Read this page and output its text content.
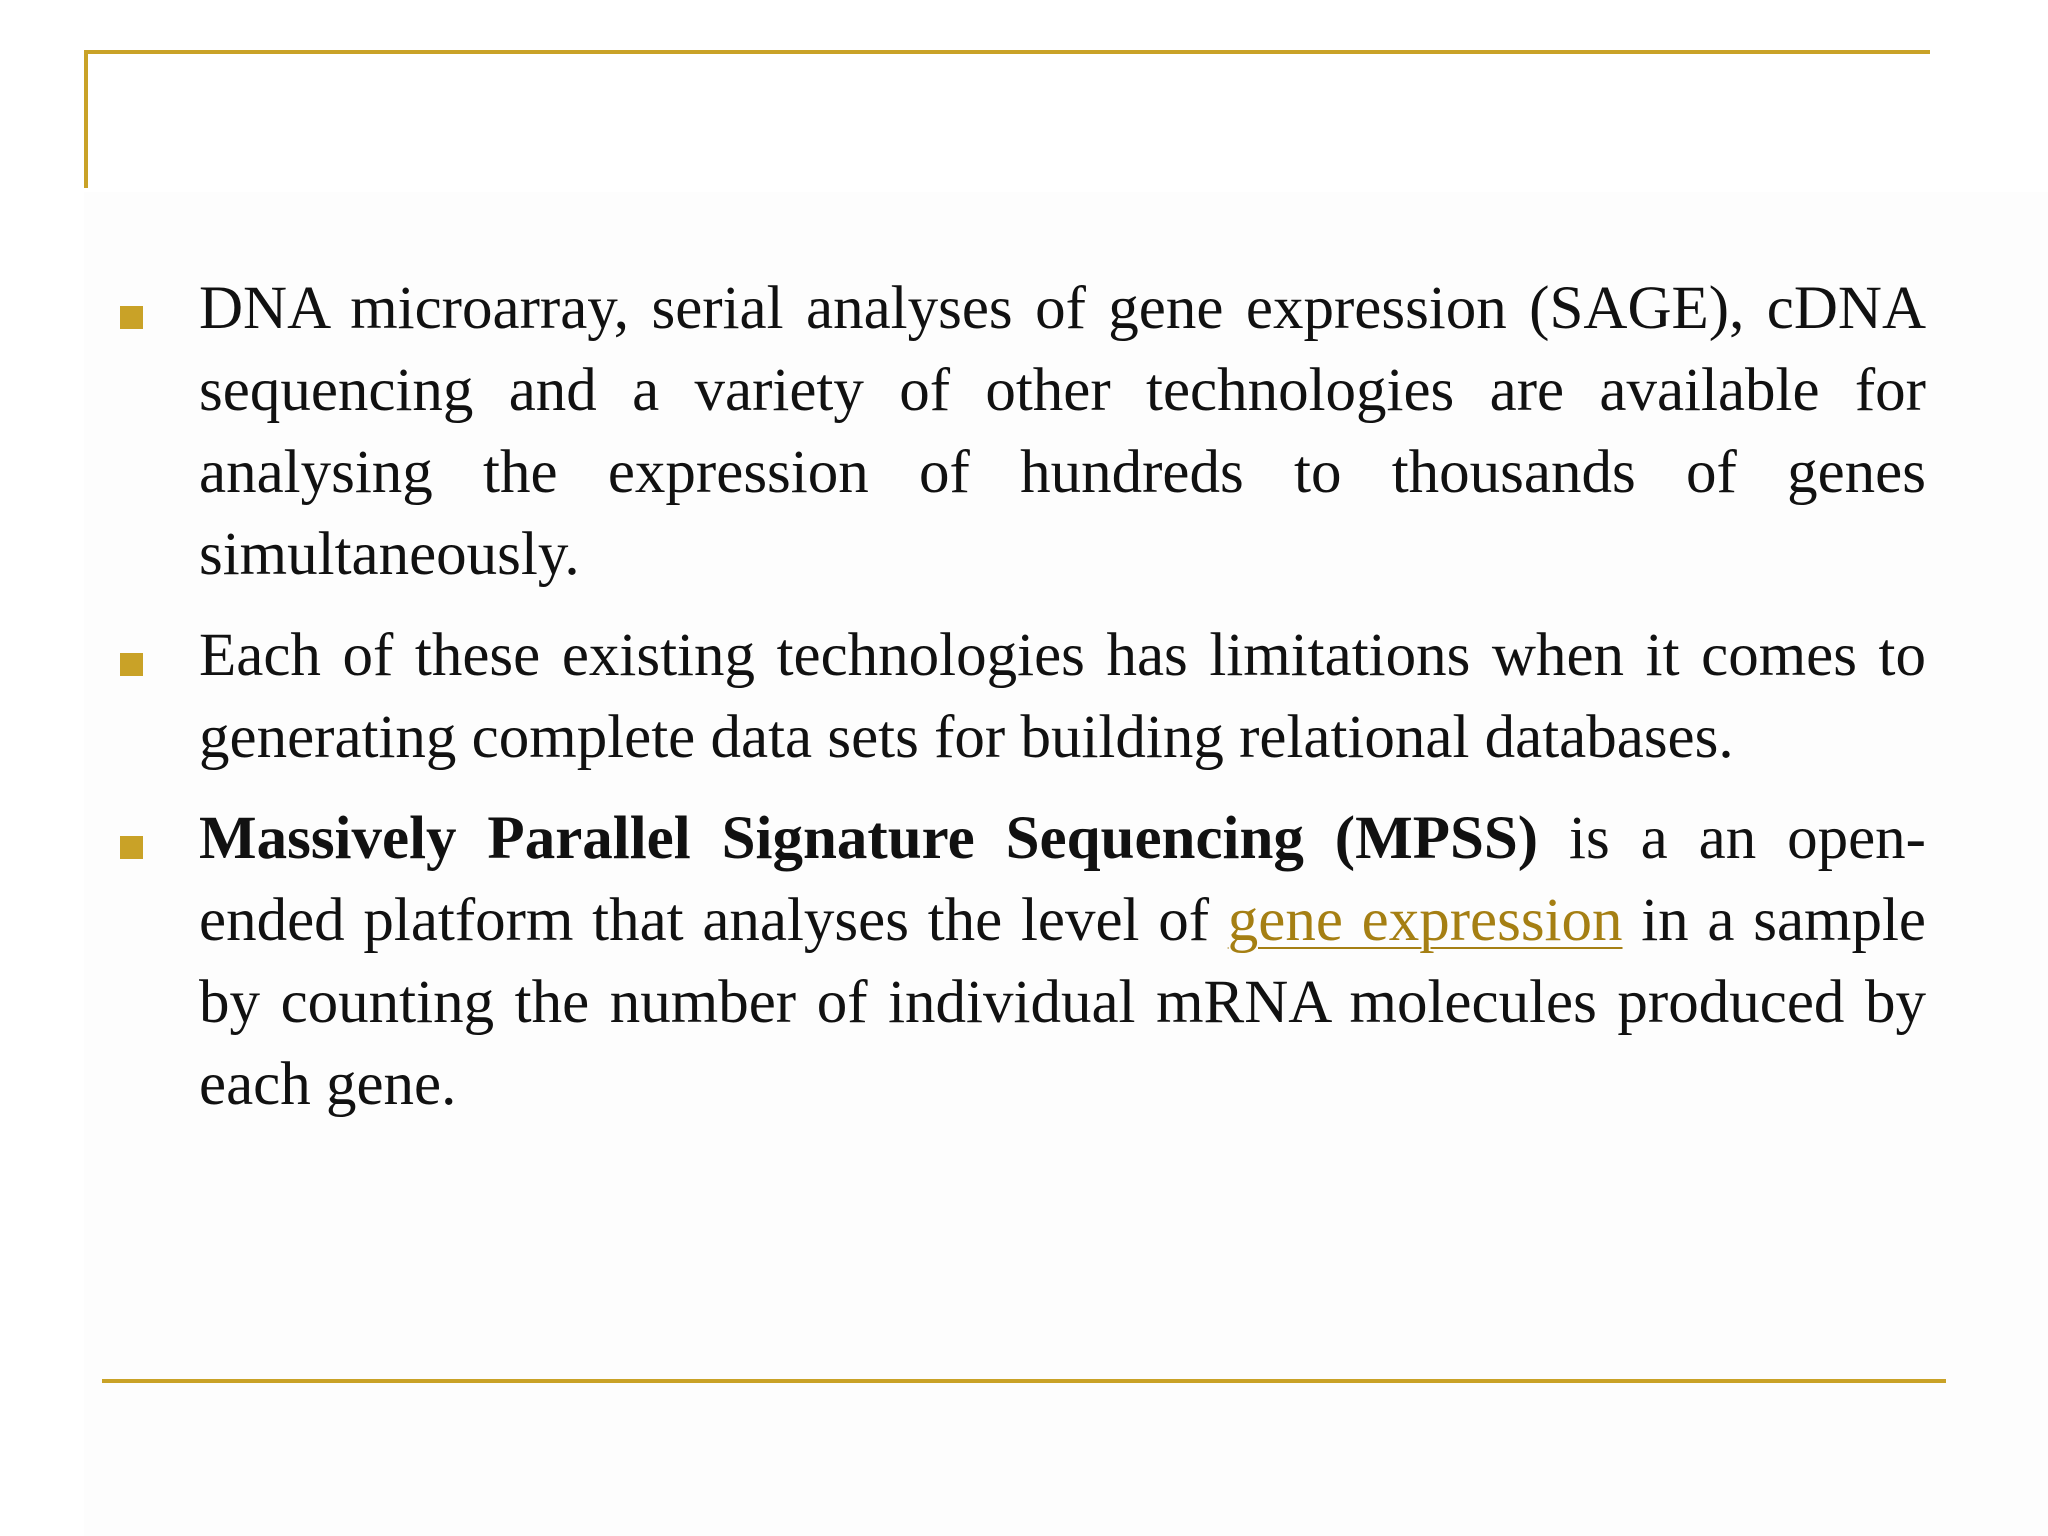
DNA microarray, serial analyses of gene expression (SAGE), cDNA sequencing and a variety of other technologies are available for analysing the expression of hundreds to thousands of genes simultaneously.
Each of these existing technologies has limitations when it comes to generating complete data sets for building relational databases.
Massively Parallel Signature Sequencing (MPSS) is a an open-ended platform that analyses the level of gene expression in a sample by counting the number of individual mRNA molecules produced by each gene.
